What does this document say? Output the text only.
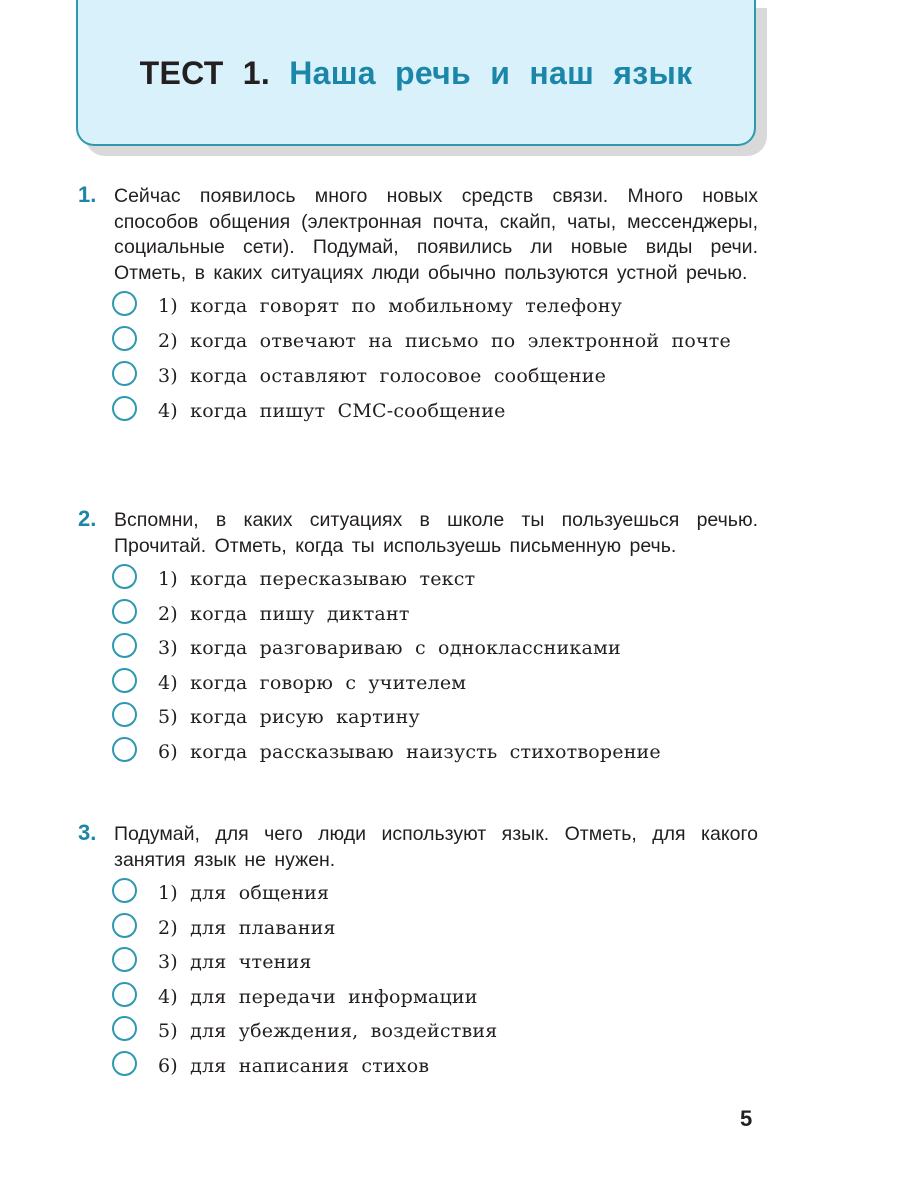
ТЕСТ 1. Наша речь и наш язык
1. Сейчас появилось много новых средств связи. Много новых способов общения (электронная почта, скайп, чаты, мессенджеры, социальные сети). Подумай, появились ли новые виды речи. Отметь, в каких ситуациях люди обычно пользуются устной речью.
1) когда говорят по мобильному телефону
2) когда отвечают на письмо по электронной почте
3) когда оставляют голосовое сообщение
4) когда пишут СМС-сообщение
2. Вспомни, в каких ситуациях в школе ты пользуешься речью. Прочитай. Отметь, когда ты используешь письменную речь.
1) когда пересказываю текст
2) когда пишу диктант
3) когда разговариваю с одноклассниками
4) когда говорю с учителем
5) когда рисую картину
6) когда рассказываю наизусть стихотворение
3. Подумай, для чего люди используют язык. Отметь, для какого занятия язык не нужен.
1) для общения
2) для плавания
3) для чтения
4) для передачи информации
5) для убеждения, воздействия
6) для написания стихов
5
